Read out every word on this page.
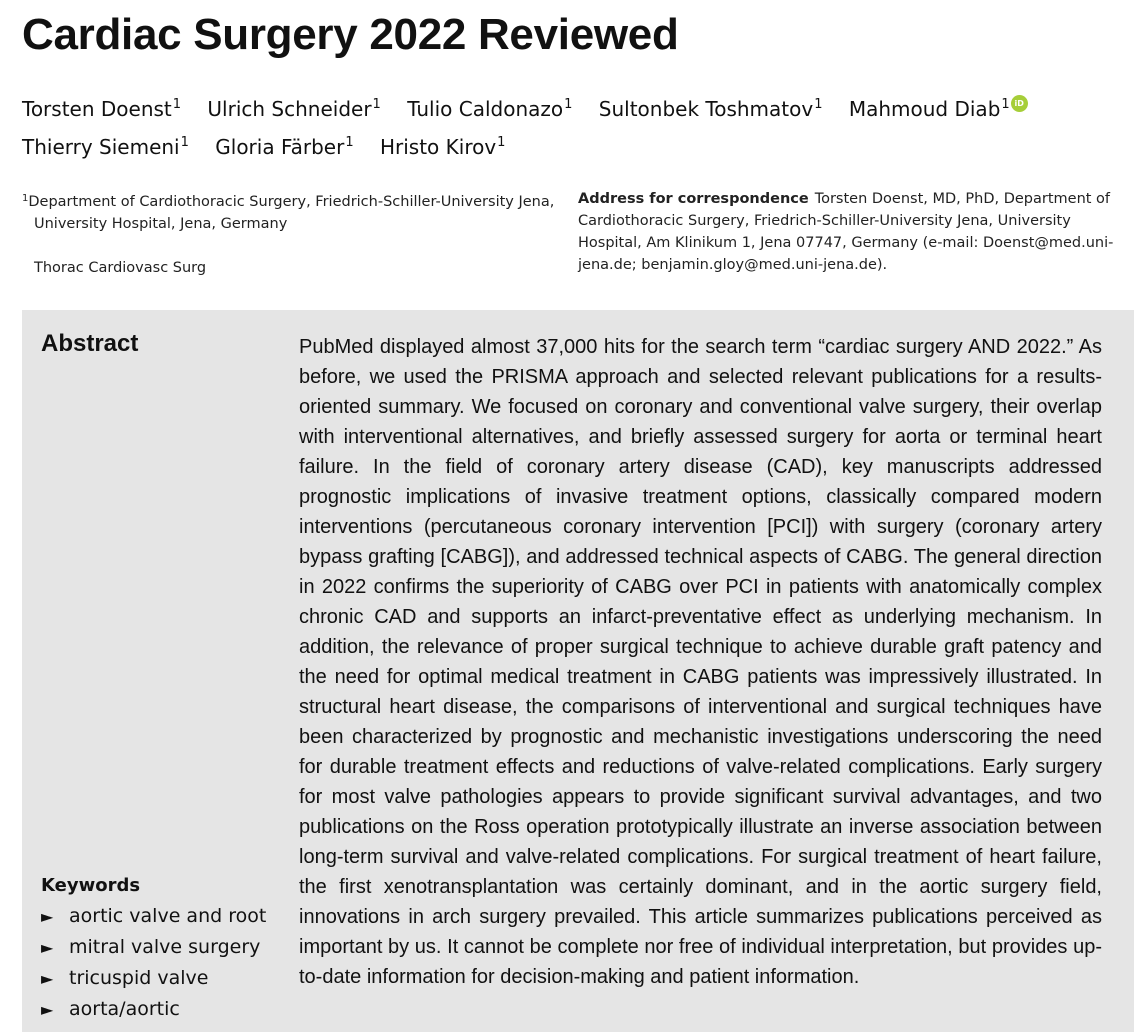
Cardiac Surgery 2022 Reviewed
Torsten Doenst$^1$ Ulrich Schneider$^1$ Tulio Caldonazo$^1$ Sultonbek Toshmatov$^1$ Mahmoud Diab$^1$ iD
Thierry Siemeni$^1$ Gloria Färber$^1$ Hristo Kirov$^1$
$^1$Department of Cardiothoracic Surgery, Friedrich-Schiller-University Jena, University Hospital, Jena, Germany
Thorac Cardiovasc Surg
Address for correspondence Torsten Doenst, MD, PhD, Department of Cardiothoracic Surgery, Friedrich-Schiller-University Jena, University Hospital, Am Klinikum 1, Jena 07747, Germany (e-mail: Doenst@med.uni-jena.de; benjamin.gloy@med.uni-jena.de).
Abstract	PubMed displayed almost 37,000 hits for the search term “cardiac surgery AND 2022.” As before, we used the PRISMA approach and selected relevant publications for a results-oriented summary. We focused on coronary and conventional valve surgery, their overlap with interventional alternatives, and briefly assessed surgery for aorta or terminal heart failure. In the field of coronary artery disease (CAD), key manuscripts addressed prognostic implications of invasive treatment options, classically compared modern interventions (percutaneous coronary intervention [PCI]) with surgery (coronary artery bypass grafting [CABG]), and addressed technical aspects of CABG. The general direction in 2022 confirms the superiority of CABG over PCI in patients with anatomically complex chronic CAD and supports an infarct-preventative effect as underlying mechanism. In addition, the relevance of proper surgical technique to achieve durable graft patency and the need for optimal medical treatment in CABG patients was impressively illustrated. In structural heart disease, the comparisons of interventional and surgical techniques have been characterized by prognostic and mechanistic investigations underscoring the need for durable treatment effects and reductions of valve-related complications. Early surgery for most valve pathologies appears to provide significant survival advantages, and two publications on the Ross operation prototypically illustrate an inverse association between long-term survival and valve-related complications. For surgical treatment of heart failure, the first xenotransplantation was certainly dominant, and in the aortic surgery field, innovations in arch surgery prevailed. This article summarizes publications perceived as important by us. It cannot be complete nor free of individual interpretation, but provides up-to-date information for decision-making and patient information.

Keywords
► aortic valve and root
► mitral valve surgery
► tricuspid valve
► aorta/aortic
